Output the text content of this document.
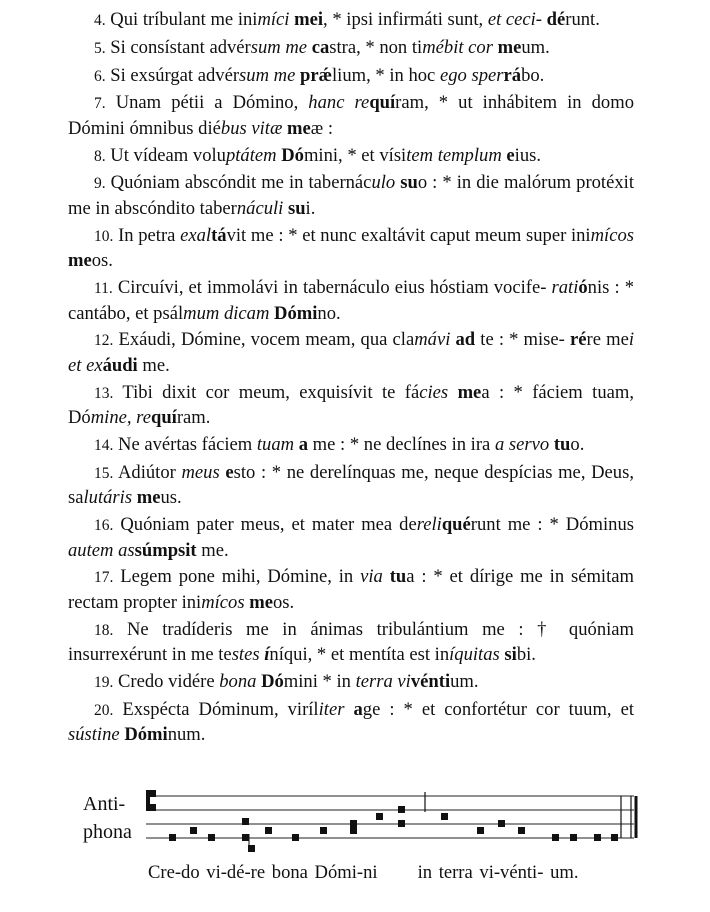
4. Qui tríbulant me inimíci mei, * ipsi infirmáti sunt, et ceci- dérunt.

5. Si consístant advérsum me castra, * non timébit cor meum.

6. Si exsúrgat advérsum me prǽlium, * in hoc ego sperrábo.

7. Unam pétii a Dómino, hanc requíram, * ut inhábitem in domo Dómini ómnibus diébus vitæ meæ :

8. Ut vídeam voluptátem Dómini, * et vísitem templum eius.

9. Quóniam abscóndit me in tabernáculo suo : * in die malórum protéxit me in abscóndito tabernáculi sui.

10. In petra exaltávit me : * et nunc exaltávit caput meum super inimícos meos.

11. Circuívi, et immolávi in tabernáculo eius hóstiam vocife- ratiónis : * cantábo, et psálmum dicam Dómino.

12. Exáudi, Dómine, vocem meam, qua clamávi ad te : * mise- rére mei et exáudi me.

13. Tibi dixit cor meum, exquisívit te fácies mea : * fáciem tuam, Dómine, requíram.

14. Ne avértas fáciem tuam a me : * ne declínes in ira a servo tuo.

15. Adiútor meus esto : * ne derelínquas me, neque despícias me, Deus, salutáris meus.

16. Quóniam pater meus, et mater mea dereliquérunt me : * Dóminus autem assúmpsit me.

17. Legem pone mihi, Dómine, in via tua : * et dírige me in sémitam rectam propter inimícos meos.

18. Ne tradíderis me in ánimas tribulántium me : † quóniam insurrexérunt in me testes íníqui, * et mentíta est iníquitas sibi.

19. Credo vidére bona Dómini * in terra vivéntium.

20. Exspécta Dóminum, viríliter age : * et confortétur cor tuum, et sústine Dóminum.

Anti-
phona
Cre-do vi-dé-re bona Dómi-ni in terra vi-vénti- um.
